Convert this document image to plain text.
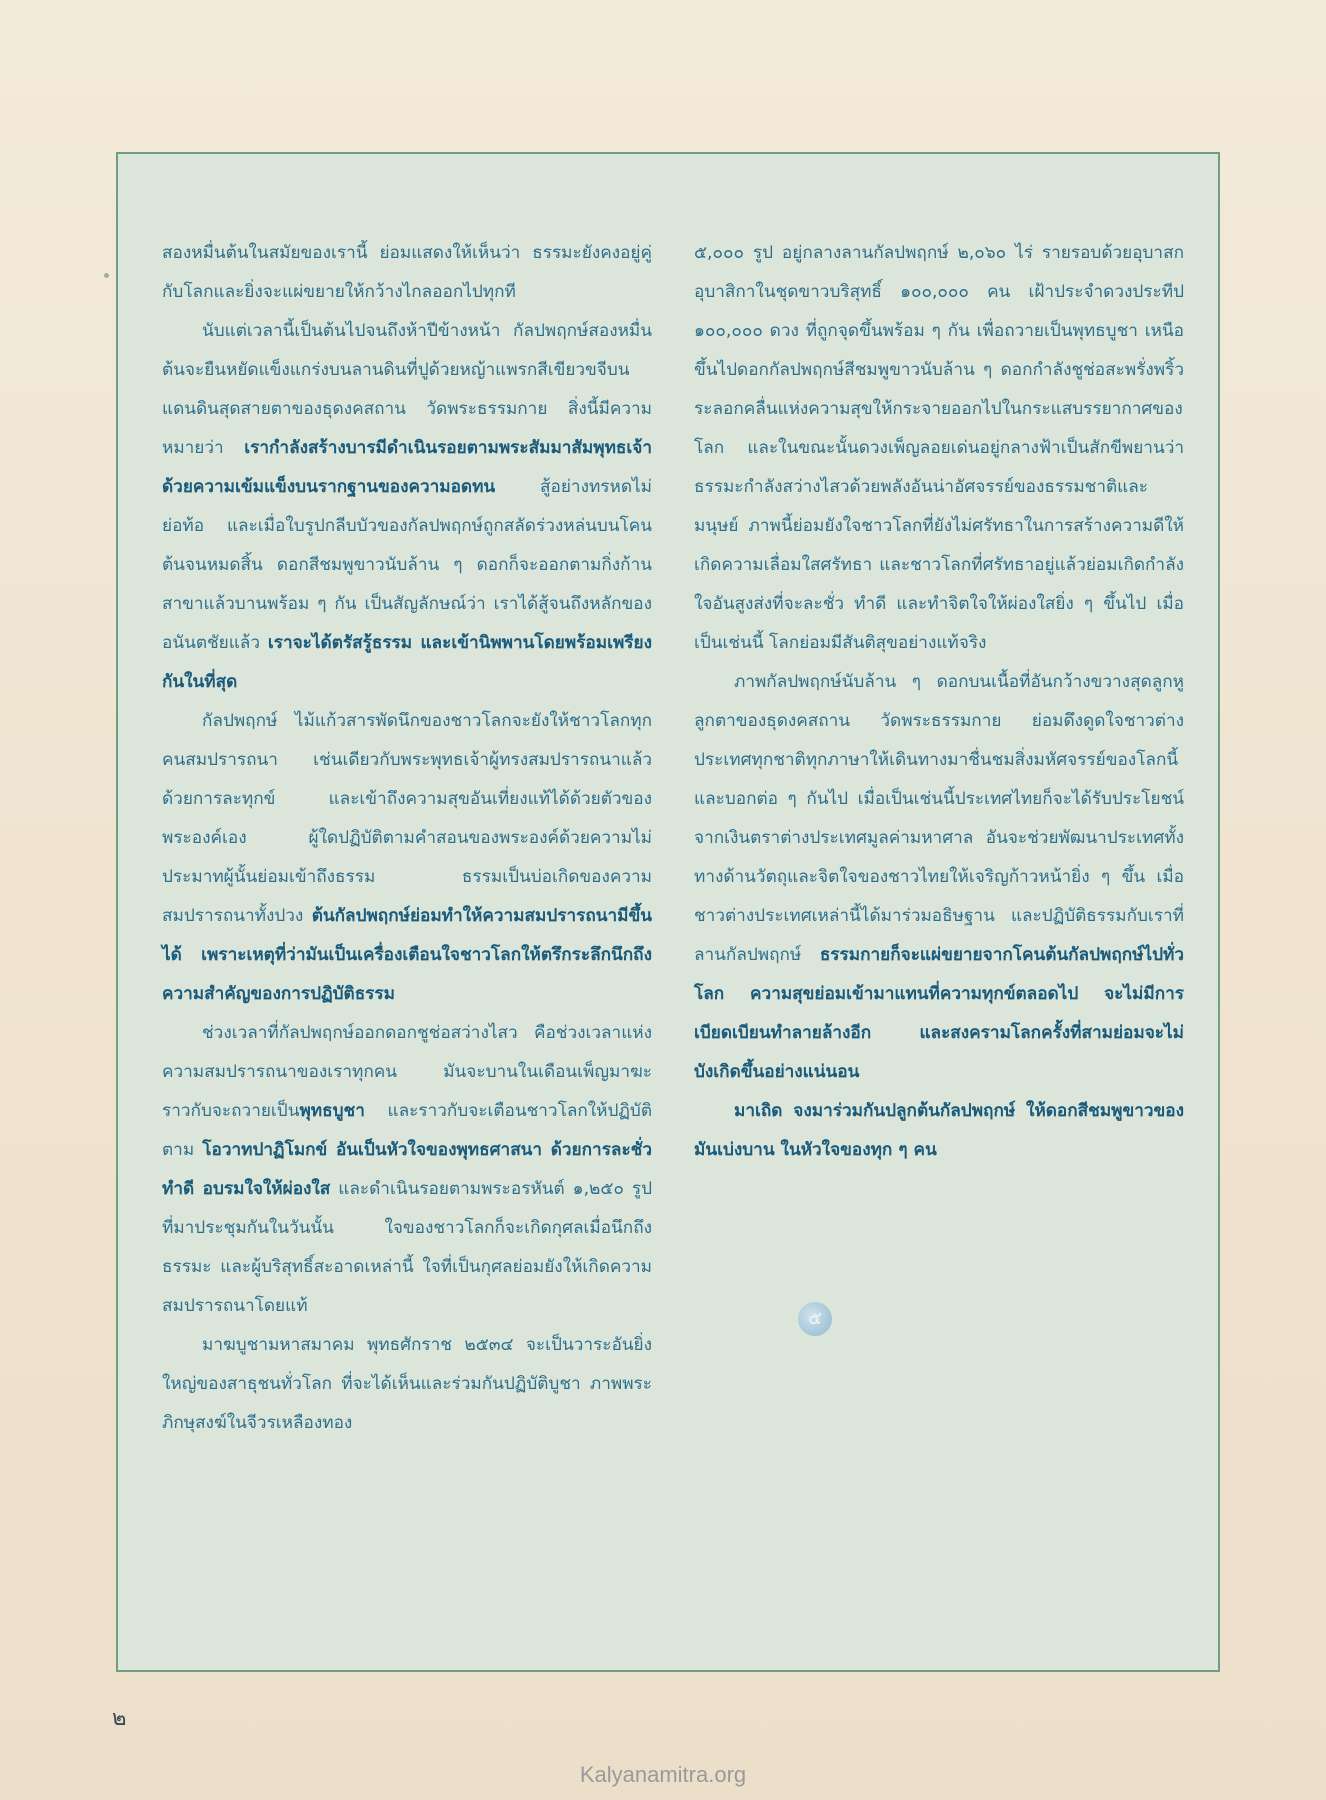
สองหมื่นต้นในสมัยของเรานี้ ย่อมแสดงให้เห็นว่า ธรรมะยังคงอยู่คู่กับโลกและยิ่งจะแผ่ขยายให้กว้างไกลออกไปทุกที

นับแต่เวลานี้เป็นต้นไปจนถึงห้าปีข้างหน้า กัลปพฤกษ์สองหมื่นต้นจะยืนหยัดแข็งแกร่งบนลานดินที่ปูด้วยหญ้าแพรกสีเขียวขจีบนแดนดินสุดสายตาของธุดงคสถาน วัดพระธรรมกาย สิ่งนี้มีความหมายว่า เรากำลังสร้างบารมีดำเนินรอยตามพระสัมมาสัมพุทธเจ้า ด้วยความเข้มแข็งบนรากฐานของความอดทน สู้อย่างทรหดไม่ย่อท้อ และเมื่อใบรูปกลีบบัวของกัลปพฤกษ์ถูกสลัดร่วงหล่นบนโคนต้นจนหมดสิ้น ดอกสีชมพูขาวนับล้าน ๆ ดอกก็จะออกตามกิ่งก้านสาขาแล้วบานพร้อม ๆ กัน เป็นสัญลักษณ์ว่า เราได้สู้จนถึงหลักของอนันตชัยแล้ว เราจะได้ตรัสรู้ธรรม และเข้านิพพานโดยพร้อมเพรียงกันในที่สุด

กัลปพฤกษ์ ไม้แก้วสารพัดนึกของชาวโลกจะยังให้ชาวโลกทุกคนสมปรารถนา เช่นเดียวกับพระพุทธเจ้าผู้ทรงสมปรารถนาแล้ว ด้วยการละทุกข์ และเข้าถึงความสุขอันเที่ยงแท้ได้ด้วยตัวของพระองค์เอง ผู้ใดปฏิบัติตามคำสอนของพระองค์ด้วยความไม่ประมาทผู้นั้นย่อมเข้าถึงธรรม ธรรมเป็นบ่อเกิดของความสมปรารถนาทั้งปวง ต้นกัลปพฤกษ์ย่อมทำให้ความสมปรารถนามีขึ้นได้ เพราะเหตุที่ว่ามันเป็นเครื่องเตือนใจชาวโลกให้ตรึกระลึกนึกถึงความสำคัญของการปฏิบัติธรรม

ช่วงเวลาที่กัลปพฤกษ์ออกดอกชูช่อสว่างไสว คือช่วงเวลาแห่งความสมปรารถนาของเราทุกคน มันจะบานในเดือนเพ็ญมาฆะราวกับจะถวายเป็นพุทธบูชา และราวกับจะเตือนชาวโลกให้ปฏิบัติตาม โอวาทปาฏิโมกข์ อันเป็นหัวใจของพุทธศาสนา ด้วยการละชั่ว ทำดี อบรมใจให้ผ่องใส และดำเนินรอยตามพระอรหันต์ ๑,๒๕๐ รูป ที่มาประชุมกันในวันนั้น ใจของชาวโลกก็จะเกิดกุศลเมื่อนึกถึงธรรมะ และผู้บริสุทธิ์สะอาดเหล่านี้ ใจที่เป็นกุศลย่อมยังให้เกิดความสมปรารถนาโดยแท้

มาฆบูชามหาสมาคม พุทธศักราช ๒๕๓๔ จะเป็นวาระอันยิ่งใหญ่ของสาธุชนทั่วโลก ที่จะได้เห็นและร่วมกันปฏิบัติบูชา ภาพพระภิกษุสงฆ์ในจีวรเหลืองทอง

๕,๐๐๐ รูป อยู่กลางลานกัลปพฤกษ์ ๒,๐๖๐ ไร่ รายรอบด้วยอุบาสก อุบาสิกาในชุดขาวบริสุทธิ์ ๑๐๐,๐๐๐ คน เฝ้าประจำดวงประทีป ๑๐๐,๐๐๐ ดวง ที่ถูกจุดขึ้นพร้อม ๆ กัน เพื่อถวายเป็นพุทธบูชา เหนือขึ้นไปดอกกัลปพฤกษ์สีชมพูขาวนับล้าน ๆ ดอกกำลังชูช่อสะพรั่งพริ้วระลอกคลื่นแห่งความสุขให้กระจายออกไปในกระแสบรรยากาศของโลก และในขณะนั้นดวงเพ็ญลอยเด่นอยู่กลางฟ้าเป็นสักขีพยานว่า ธรรมะกำลังสว่างไสวด้วยพลังอันน่าอัศจรรย์ของธรรมชาติและมนุษย์ ภาพนี้ย่อมยังใจชาวโลกที่ยังไม่ศรัทธาในการสร้างความดีให้เกิดความเลื่อมใสศรัทธา และชาวโลกที่ศรัทธาอยู่แล้วย่อมเกิดกำลังใจอันสูงส่งที่จะละชั่ว ทำดี และทำจิตใจให้ผ่องใสยิ่ง ๆ ขึ้นไป เมื่อเป็นเช่นนี้ โลกย่อมมีสันติสุขอย่างแท้จริง

ภาพกัลปพฤกษ์นับล้าน ๆ ดอกบนเนื้อที่อันกว้างขวางสุดลูกหูลูกตาของธุดงคสถาน วัดพระธรรมกาย ย่อมดึงดูดใจชาวต่างประเทศทุกชาติทุกภาษาให้เดินทางมาชื่นชมสิ่งมหัศจรรย์ของโลกนี้และบอกต่อ ๆ กันไป เมื่อเป็นเช่นนี้ประเทศไทยก็จะได้รับประโยชน์จากเงินตราต่างประเทศมูลค่ามหาศาล อันจะช่วยพัฒนาประเทศทั้งทางด้านวัตถุและจิตใจของชาวไทยให้เจริญก้าวหน้ายิ่ง ๆ ขึ้น เมื่อชาวต่างประเทศเหล่านี้ได้มาร่วมอธิษฐาน และปฏิบัติธรรมกับเราที่ลานกัลปพฤกษ์ ธรรมกายก็จะแผ่ขยายจากโคนต้นกัลปพฤกษ์ไปทั่วโลก ความสุขย่อมเข้ามาแทนที่ความทุกข์ตลอดไป จะไม่มีการเบียดเบียนทำลายล้างอีก และสงครามโลกครั้งที่สามย่อมจะไม่บังเกิดขึ้นอย่างแน่นอน

มาเถิด จงมาร่วมกันปลูกต้นกัลปพฤกษ์ ให้ดอกสีชมพูขาวของมันเบ่งบาน ในหัวใจของทุก ๆ คน

๕
๒
Kalyanamitra.org
